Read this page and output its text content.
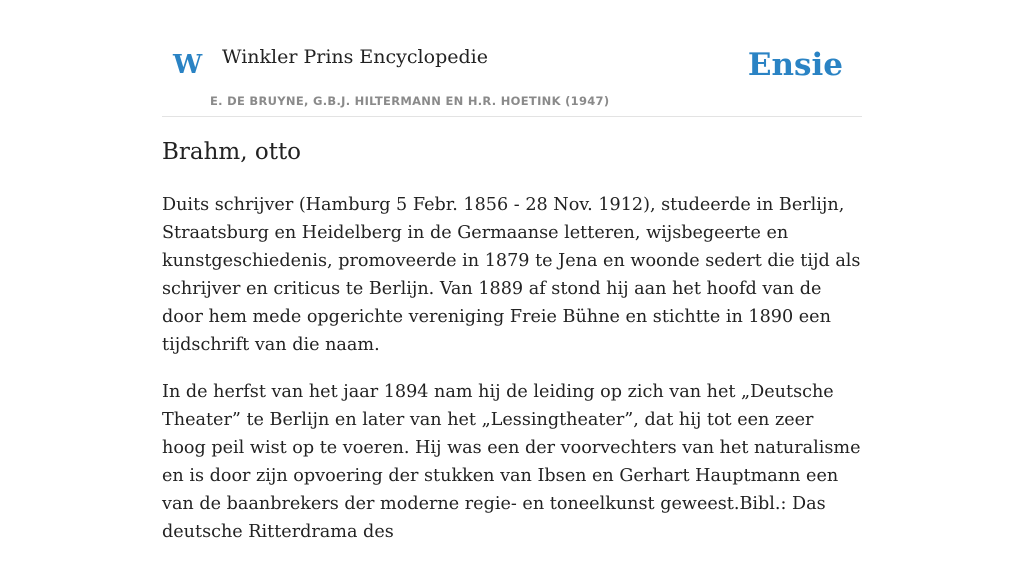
W Winkler Prins Encyclopedie
E. DE BRUYNE, G.B.J. HILTERMANN EN H.R. HOETINK (1947)
Ensie
Brahm, otto

Duits schrijver (Hamburg 5 Febr. 1856 - 28 Nov. 1912), studeerde in Berlijn, Straatsburg en Heidelberg in de Germaanse letteren, wijsbegeerte en kunstgeschiedenis, promoveerde in 1879 te Jena en woonde sedert die tijd als schrijver en criticus te Berlijn. Van 1889 af stond hij aan het hoofd van de door hem mede opgerichte vereniging Freie Bühne en stichtte in 1890 een tijdschrift van die naam.

In de herfst van het jaar 1894 nam hij de leiding op zich van het „Deutsche Theater” te Berlijn en later van het „Lessingtheater”, dat hij tot een zeer hoog peil wist op te voeren. Hij was een der voorvechters van het naturalisme en is door zijn opvoering der stukken van Ibsen en Gerhart Hauptmann een van de baanbrekers der moderne regie- en toneelkunst geweest.Bibl.: Das deutsche Ritterdrama des
